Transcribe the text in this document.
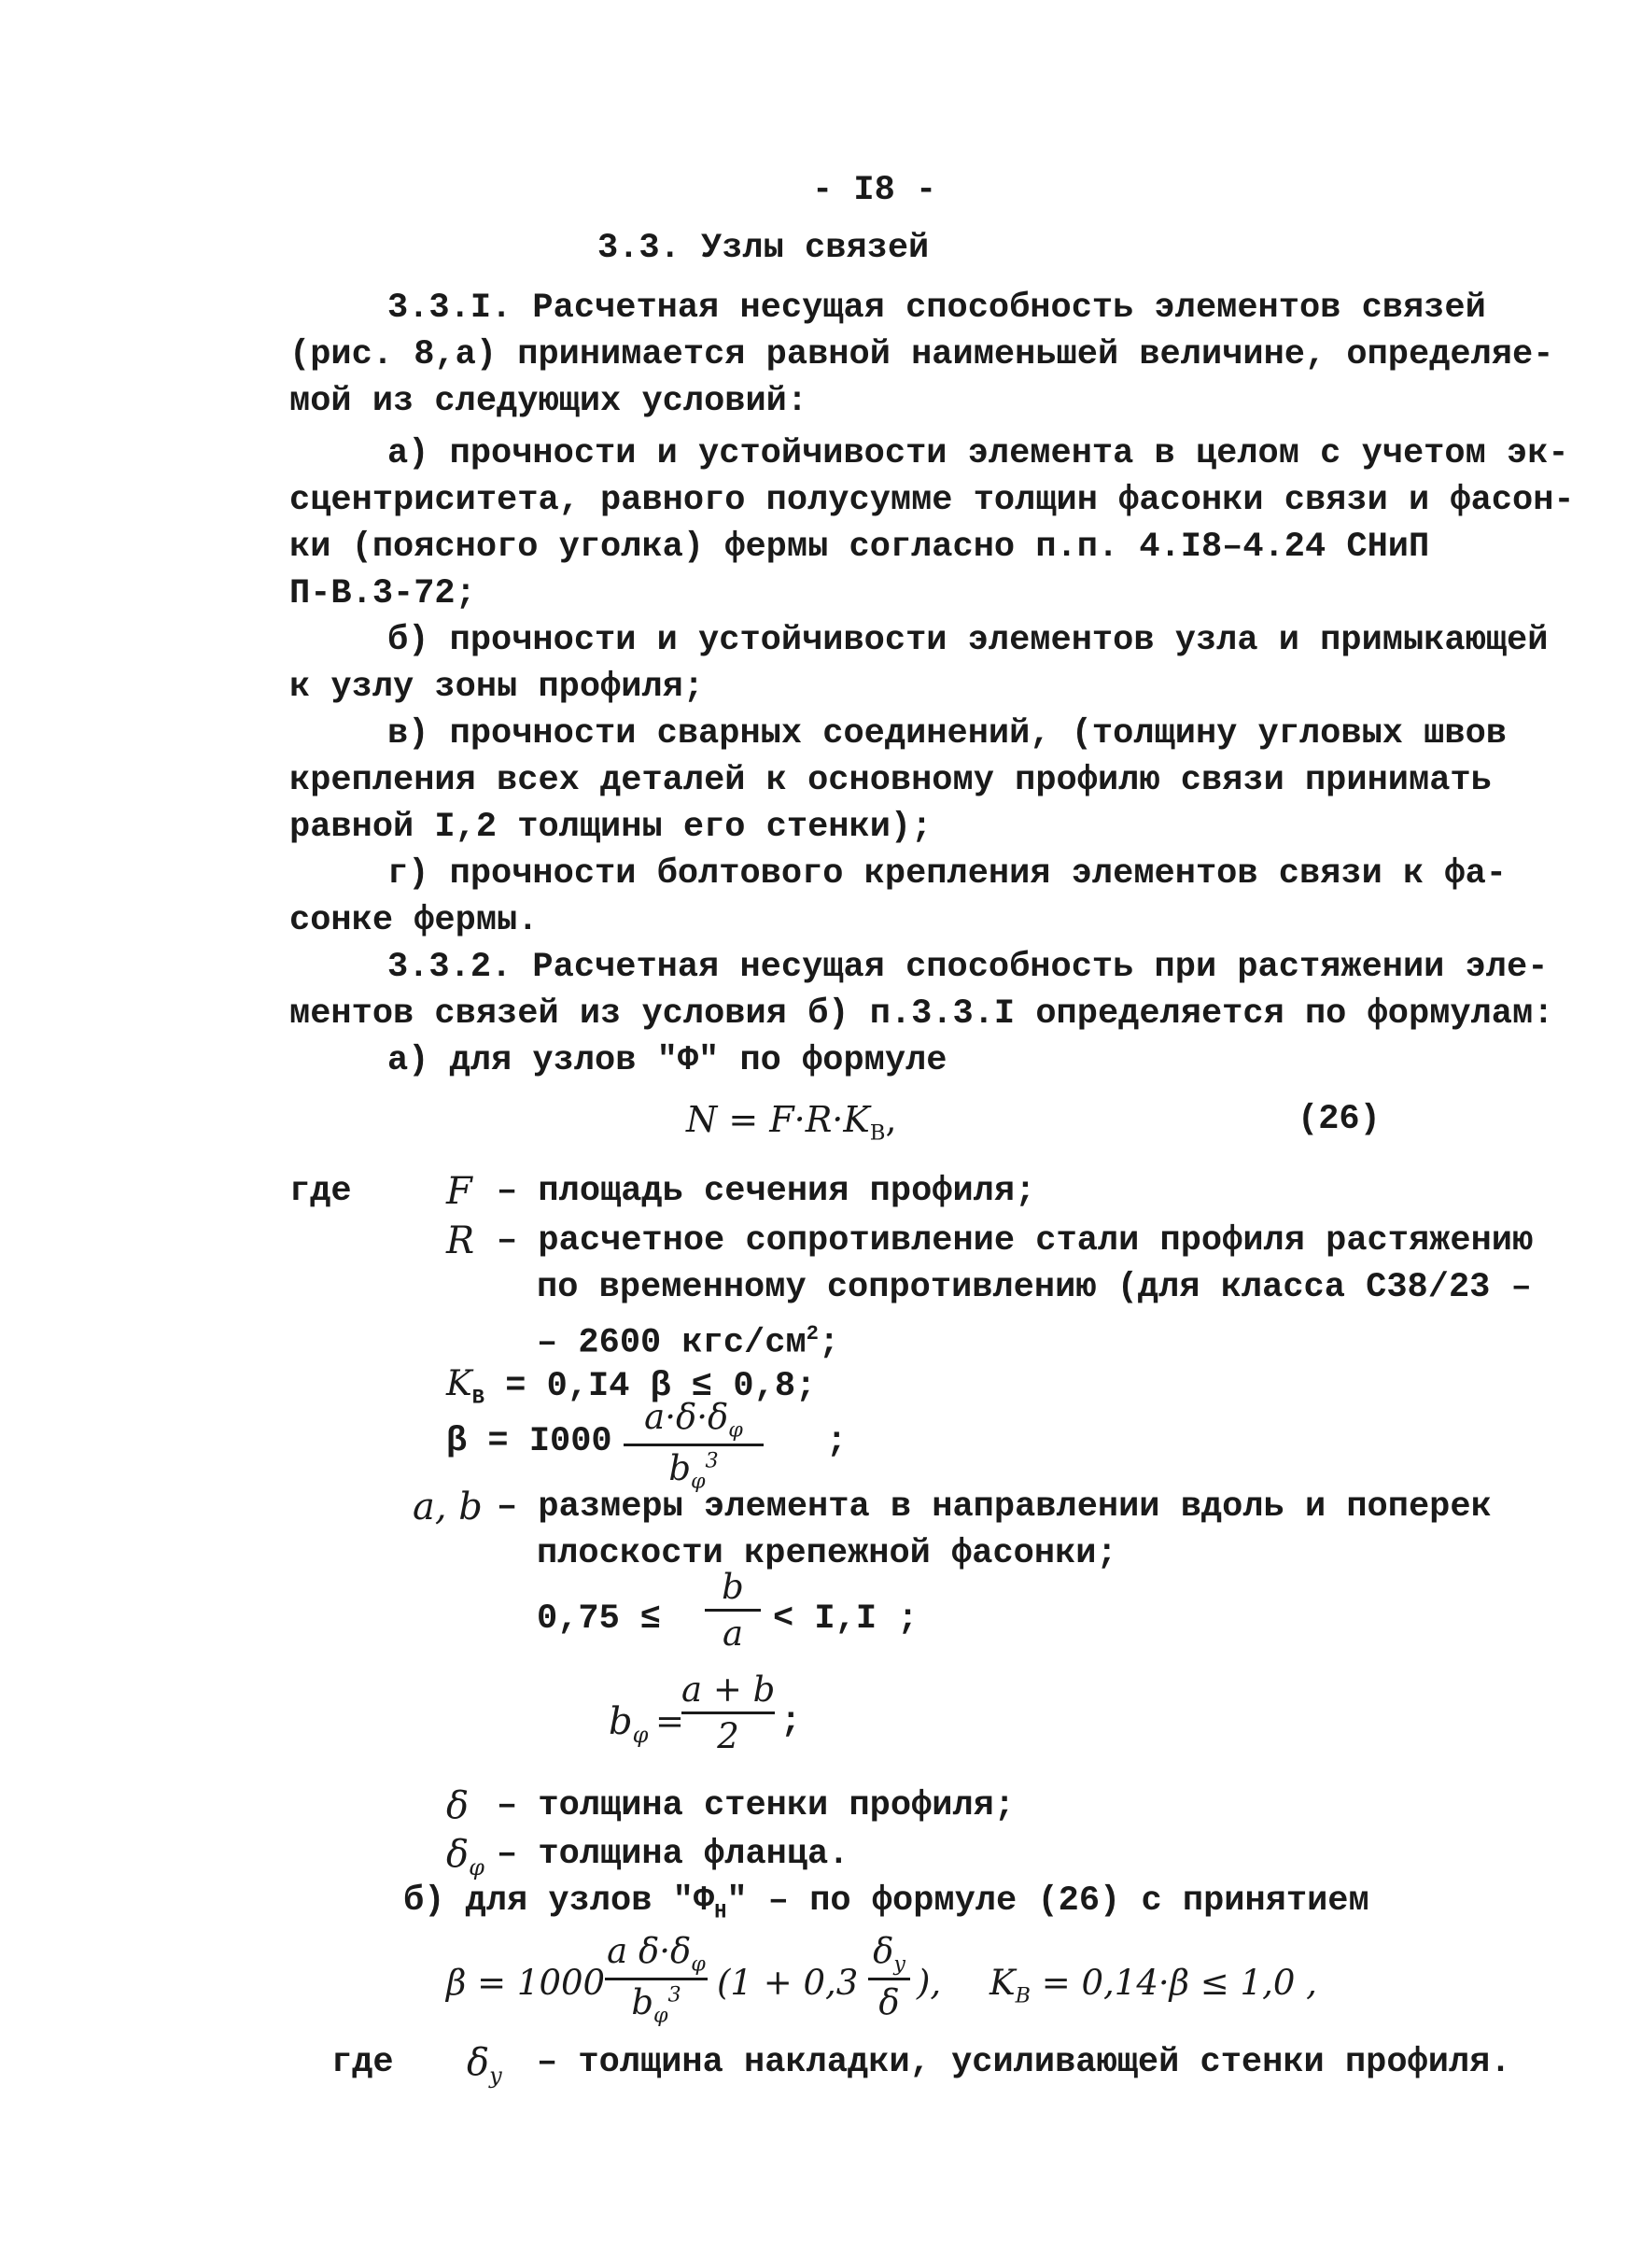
- I8 -
3.3. Узлы связей
3.3.I. Расчетная несущая способность элементов связей
(рис. 8,а) принимается равной наименьшей величине, определяе-
мой из следующих условий:
а) прочности и устойчивости элемента в целом с учетом эк-
сцентриситета, равного полусумме толщин фасонки связи и фасон-
ки (поясного уголка) фермы согласно п.п. 4.I8–4.24 СНиП
П-В.3-72;
б) прочности и устойчивости элементов узла и примыкающей
к узлу зоны профиля;
в) прочности сварных соединений, (толщину угловых швов
крепления всех деталей к основному профилю связи принимать
равной I,2 толщины его стенки);
г) прочности болтового крепления элементов связи к фа-
сонке фермы.
3.3.2. Расчетная несущая способность при растяжении эле-
ментов связей из условия б) п.3.3.I определяется по формулам:
а) для узлов "Ф" по формуле
$N = F\cdot R\cdot K_B$,	(26)
где	F – площадь сечения профиля;
R – расчетное сопротивление стали профиля растяжению
по временному сопротивлению (для класса С38/23 –
– 2600 кгс/$см^2$;
$K_B = 0,I4$ β ≤ 0,8;
β = I000
$a\cdot\delta\cdot\delta_\varphi$
$b_\varphi^3$
;
a, b – размеры элемента в направлении вдоль и поперек
плоскости крепежной фасонки;
0,75 ≤
b
a < I,I ;
$b_\varphi$ =
a + b
2	;
δ – толщина стенки профиля;
$\delta_\varphi$ – толщина фланца.
б) для узлов "$Ф_Н$" – по формуле (26) с принятием
β = 1000
a $\delta\cdot\delta_\varphi$
$b_\varphi^3$	(1 + 0,3
$\delta_y$
δ ), $K_B = 0,14\cdot\beta \le 1,0$ ,
где $\delta_y$ – толщина накладки, усиливающей стенки профиля.
